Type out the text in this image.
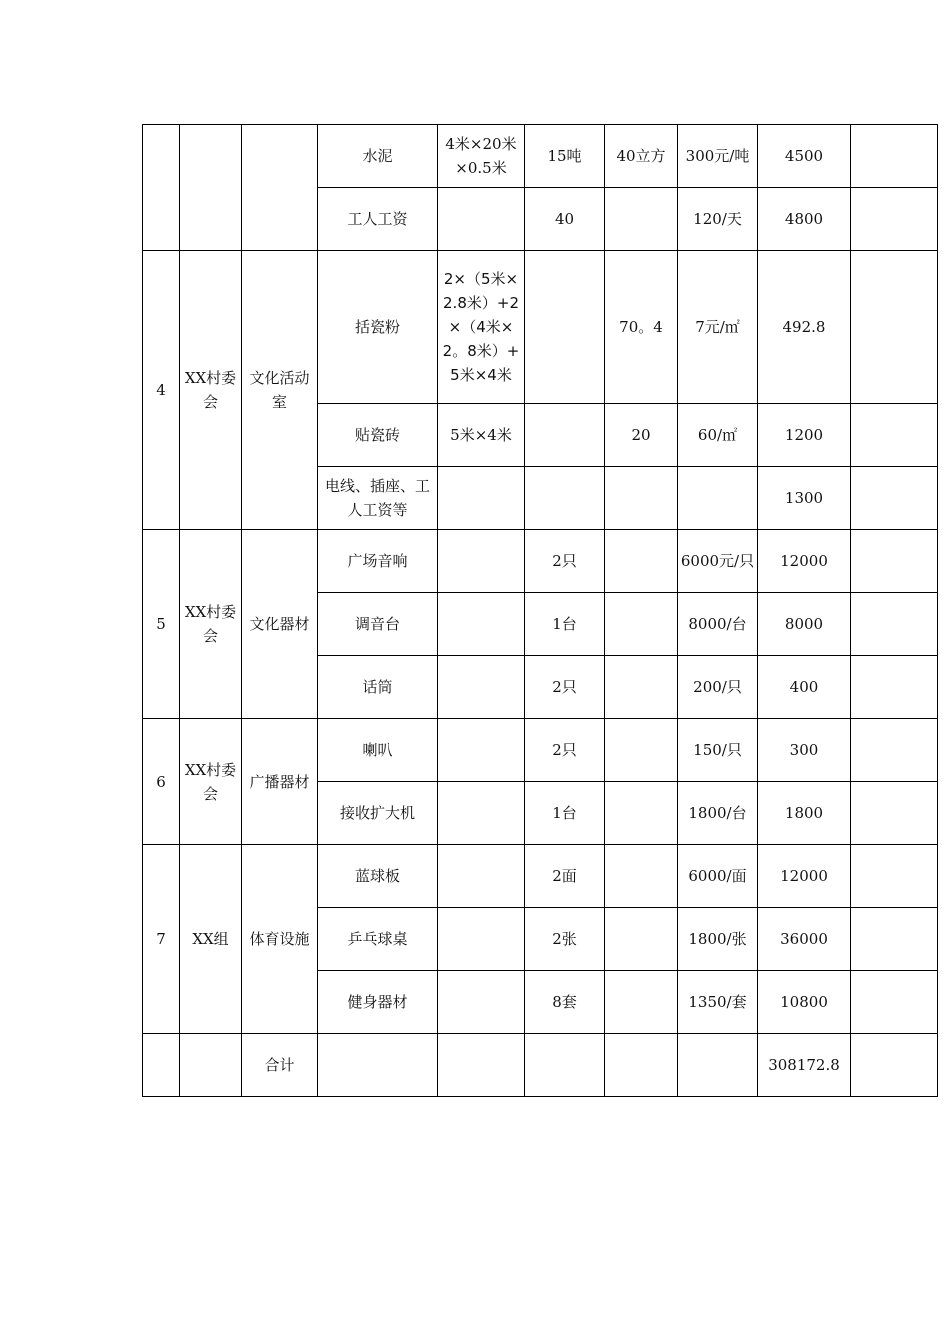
			水泥	4米×20米×0.5米	15吨	40立方	300元/吨	4500	
			工人工资		40		120/天	4800	
4	XX村委会	文化活动室	括瓷粉	2×（5米×2.8米）+2×（4米×2。8米）+5米×4米		70。4	7元/㎡	492.8	
			贴瓷砖	5米×4米		20	60/㎡	1200	
			电线、插座、工人工资等					1300	
5	XX村委会	文化器材	广场音响		2只		6000元/只	12000	
			调音台		1台		8000/台	8000	
			话筒		2只		200/只	400	
6	XX村委会	广播器材	喇叭		2只		150/只	300	
			接收扩大机		1台		1800/台	1800	
7	XX组	体育设施	蓝球板		2面		6000/面	12000	
			乒乓球桌		2张		1800/张	36000	
			健身器材		8套		1350/套	10800	
		合计						308172.8	
